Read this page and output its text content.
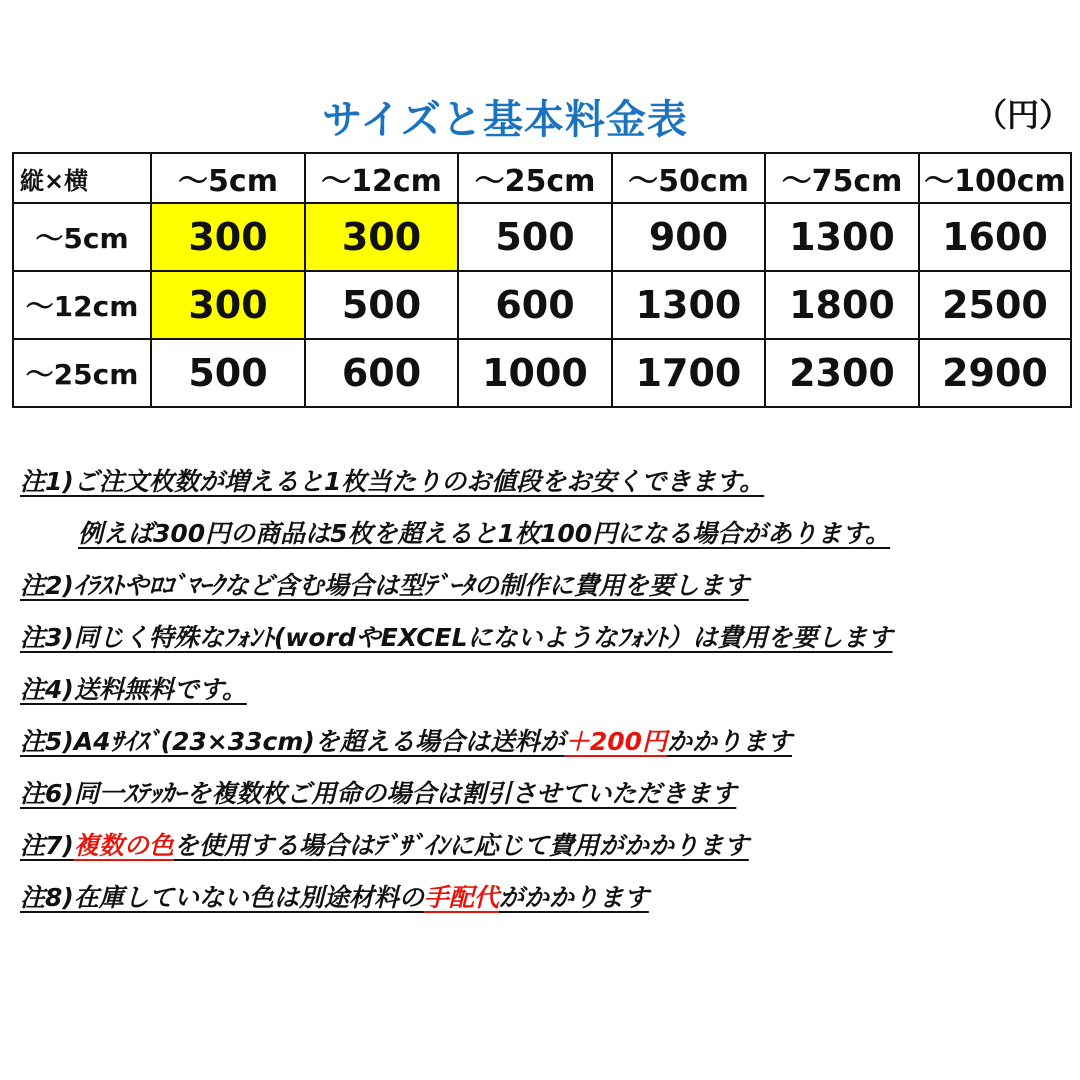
サイズと基本料金表	（円）
縦×横	～5cm	～12cm	～25cm	～50cm	～75cm	～100cm
～5cm	300	300	500	900	1300	1600
～12cm	300	500	600	1300	1800	2500
～25cm	500	600	1000	1700	2300	2900
注1)ご注文枚数が増えると1枚当たりのお値段をお安くできます。
例えば300円の商品は5枚を超えると1枚100円になる場合があります。
注2)ｲﾗｽﾄやﾛｺﾞﾏｰｸなど含む場合は型ﾃﾞｰﾀの制作に費用を要します
注3)同じく特殊なﾌｫﾝﾄ(wordやEXCELにないようなﾌｫﾝﾄ）は費用を要します
注4)送料無料です。
注5)A4ｻｲｽﾞ(23×33cm)を超える場合は送料が＋200円かかります
注6)同一ｽﾃｯｶｰを複数枚ご用命の場合は割引させていただきます
注7)複数の色を使用する場合はﾃﾞｻﾞｲﾝに応じて費用がかかります
注8)在庫していない色は別途材料の手配代がかかります
